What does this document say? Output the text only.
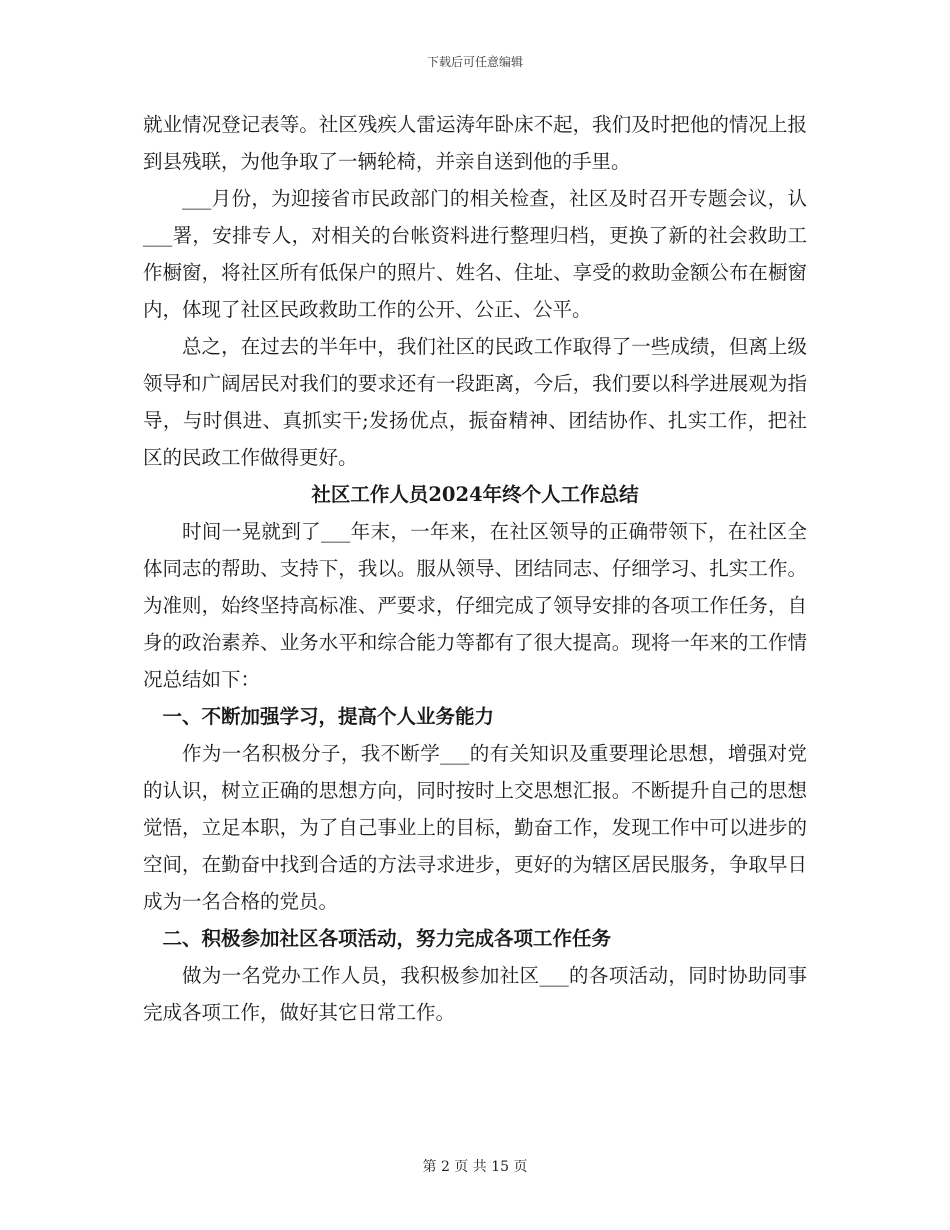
下载后可任意编辑

就业情况登记表等。社区残疾人雷运涛年卧床不起，我们及时把他的情况上报到县残联，为他争取了一辆轮椅，并亲自送到他的手里。

___月份，为迎接省市民政部门的相关检查，社区及时召开专题会议，认___署，安排专人，对相关的台帐资料进行整理归档，更换了新的社会救助工作橱窗，将社区所有低保户的照片、姓名、住址、享受的救助金额公布在橱窗内，体现了社区民政救助工作的公开、公正、公平。

总之，在过去的半年中，我们社区的民政工作取得了一些成绩，但离上级领导和广阔居民对我们的要求还有一段距离，今后，我们要以科学进展观为指导，与时俱进、真抓实干;发扬优点，振奋精神、团结协作、扎实工作，把社区的民政工作做得更好。

社区工作人员2024年终个人工作总结

时间一晃就到了___年末，一年来，在社区领导的正确带领下，在社区全体同志的帮助、支持下，我以。服从领导、团结同志、仔细学习、扎实工作。为准则，始终坚持高标准、严要求，仔细完成了领导安排的各项工作任务，自身的政治素养、业务水平和综合能力等都有了很大提高。现将一年来的工作情况总结如下：

一、不断加强学习，提高个人业务能力

作为一名积极分子，我不断学___的有关知识及重要理论思想，增强对党的认识，树立正确的思想方向，同时按时上交思想汇报。不断提升自己的思想觉悟，立足本职，为了自己事业上的目标，勤奋工作，发现工作中可以进步的空间，在勤奋中找到合适的方法寻求进步，更好的为辖区居民服务，争取早日成为一名合格的党员。

二、积极参加社区各项活动，努力完成各项工作任务

做为一名党办工作人员，我积极参加社区___的各项活动，同时协助同事完成各项工作，做好其它日常工作。

第 2 页 共 15 页
